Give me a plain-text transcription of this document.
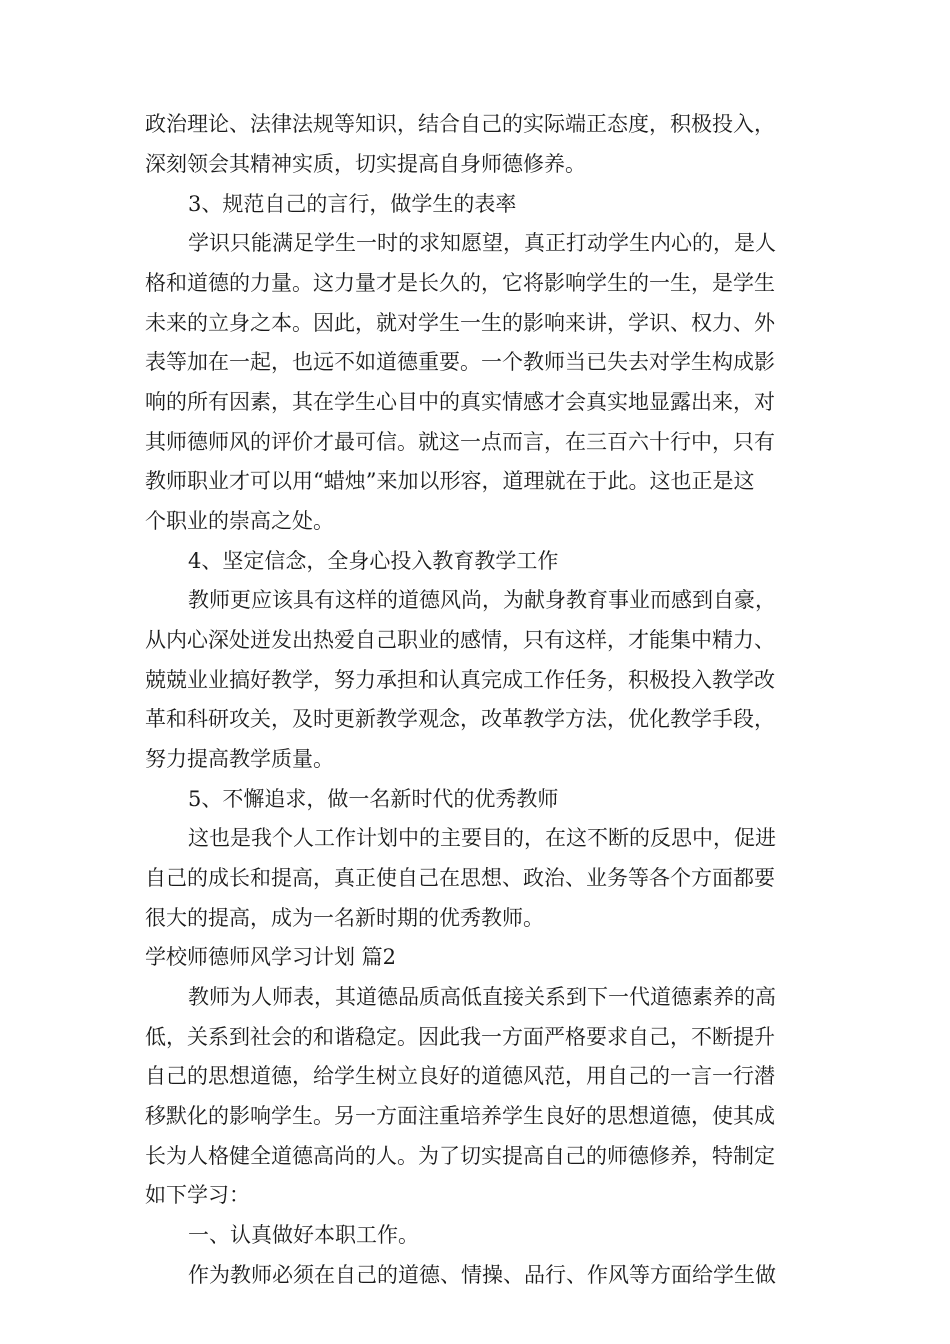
政治理论、法律法规等知识，结合自己的实际端正态度，积极投入，
深刻领会其精神实质，切实提高自身师德修养。
3、规范自己的言行，做学生的表率
学识只能满足学生一时的求知愿望，真正打动学生内心的，是人
格和道德的力量。这力量才是长久的，它将影响学生的一生，是学生
未来的立身之本。因此，就对学生一生的影响来讲，学识、权力、外
表等加在一起，也远不如道德重要。一个教师当已失去对学生构成影
响的所有因素，其在学生心目中的真实情感才会真实地显露出来，对
其师德师风的评价才最可信。就这一点而言，在三百六十行中，只有
教师职业才可以用“蜡烛”来加以形容，道理就在于此。这也正是这
个职业的崇高之处。
4、坚定信念，全身心投入教育教学工作
教师更应该具有这样的道德风尚，为献身教育事业而感到自豪，
从内心深处迸发出热爱自己职业的感情，只有这样，才能集中精力、
兢兢业业搞好教学，努力承担和认真完成工作任务，积极投入教学改
革和科研攻关，及时更新教学观念，改革教学方法，优化教学手段，
努力提高教学质量。
5、不懈追求，做一名新时代的优秀教师
这也是我个人工作计划中的主要目的，在这不断的反思中，促进
自己的成长和提高，真正使自己在思想、政治、业务等各个方面都要
很大的提高，成为一名新时期的优秀教师。
学校师德师风学习计划 篇2
教师为人师表，其道德品质高低直接关系到下一代道德素养的高
低，关系到社会的和谐稳定。因此我一方面严格要求自己，不断提升
自己的思想道德，给学生树立良好的道德风范，用自己的一言一行潜
移默化的影响学生。另一方面注重培养学生良好的思想道德，使其成
长为人格健全道德高尚的人。为了切实提高自己的师德修养，特制定
如下学习：
一、认真做好本职工作。
作为教师必须在自己的道德、情操、品行、作风等方面给学生做
